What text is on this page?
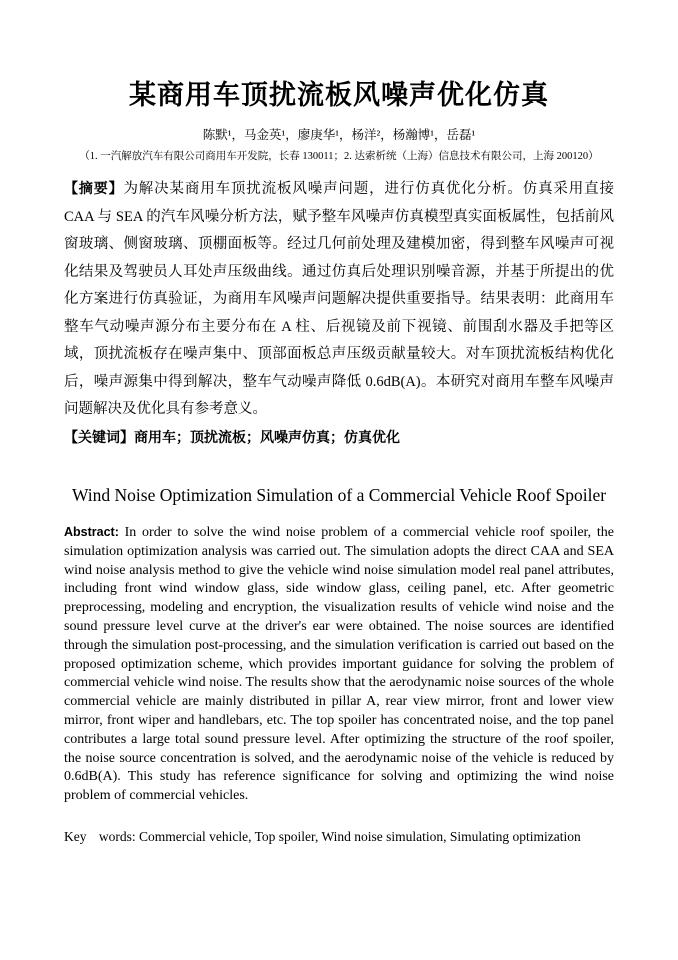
某商用车顶扰流板风噪声优化仿真
陈默¹，马金英¹，廖庚华¹，杨洋²，杨瀚博¹，岳磊¹
（1. 一汽解放汽车有限公司商用车开发院，长春 130011；2. 达索析统（上海）信息技术有限公司，上海 200120）

【摘要】为解决某商用车顶扰流板风噪声问题，进行仿真优化分析。仿真采用直接 CAA 与 SEA 的汽车风噪分析方法，赋予整车风噪声仿真模型真实面板属性，包括前风窗玻璃、侧窗玻璃、顶棚面板等。经过几何前处理及建模加密，得到整车风噪声可视化结果及驾驶员人耳处声压级曲线。通过仿真后处理识别噪音源，并基于所提出的优化方案进行仿真验证，为商用车风噪声问题解决提供重要指导。结果表明：此商用车整车气动噪声源分布主要分布在 A 柱、后视镜及前下视镜、前围刮水器及手把等区域，顶扰流板存在噪声集中、顶部面板总声压级贡献量较大。对车顶扰流板结构优化后，噪声源集中得到解决，整车气动噪声降低 0.6dB(A)。本研究对商用车整车风噪声问题解决及优化具有参考意义。

【关键词】商用车；顶扰流板；风噪声仿真；仿真优化

Wind Noise Optimization Simulation of a Commercial Vehicle Roof Spoiler

Abstract: In order to solve the wind noise problem of a commercial vehicle roof spoiler, the simulation optimization analysis was carried out. The simulation adopts the direct CAA and SEA wind noise analysis method to give the vehicle wind noise simulation model real panel attributes, including front wind window glass, side window glass, ceiling panel, etc. After geometric preprocessing, modeling and encryption, the visualization results of vehicle wind noise and the sound pressure level curve at the driver's ear were obtained. The noise sources are identified through the simulation post-processing, and the simulation verification is carried out based on the proposed optimization scheme, which provides important guidance for solving the problem of commercial vehicle wind noise. The results show that the aerodynamic noise sources of the whole commercial vehicle are mainly distributed in pillar A, rear view mirror, front and lower view mirror, front wiper and handlebars, etc. The top spoiler has concentrated noise, and the top panel contributes a large total sound pressure level. After optimizing the structure of the roof spoiler, the noise source concentration is solved, and the aerodynamic noise of the vehicle is reduced by 0.6dB(A). This study has reference significance for solving and optimizing the wind noise problem of commercial vehicles.

Key words: Commercial vehicle, Top spoiler, Wind noise simulation, Simulating optimization
